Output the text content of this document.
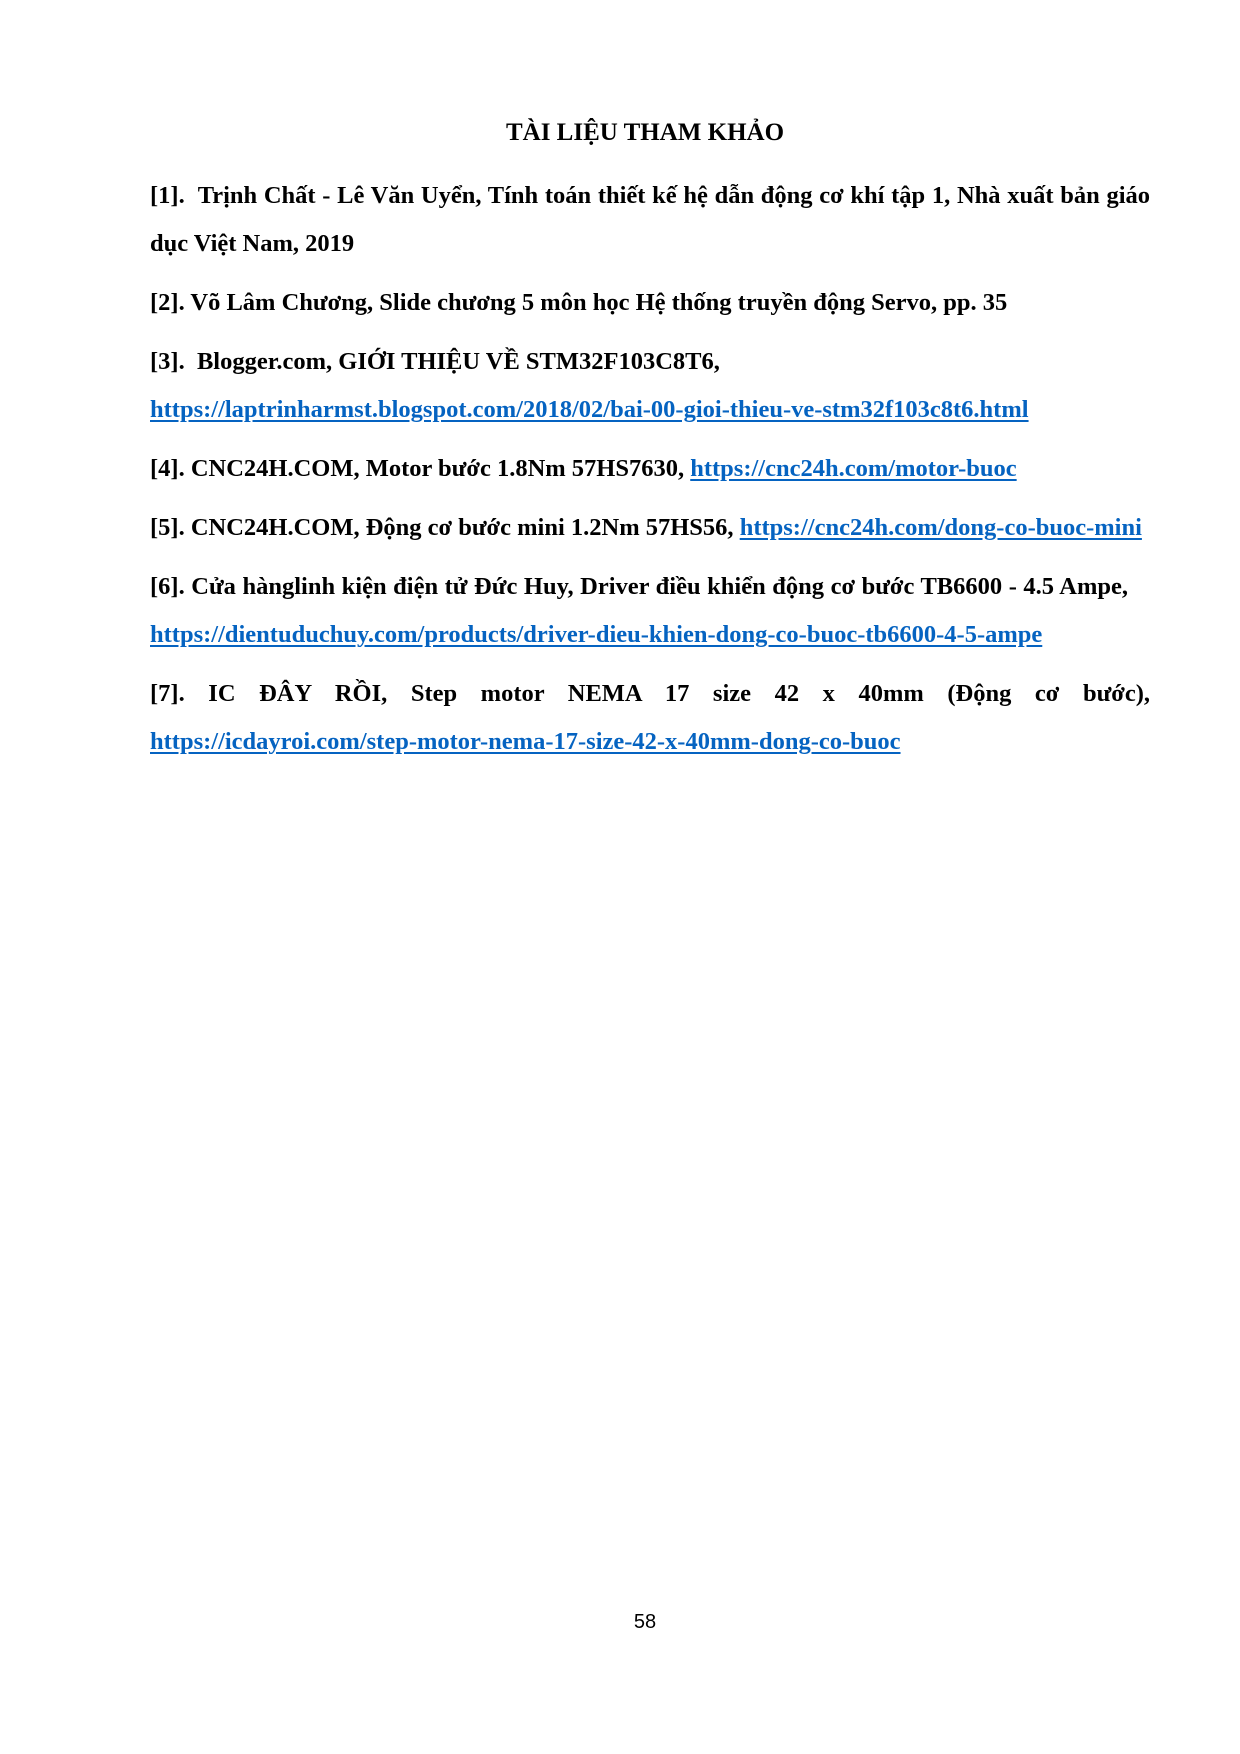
TÀI LIỆU THAM KHẢO

[1]. Trịnh Chất - Lê Văn Uyển, Tính toán thiết kế hệ dẫn động cơ khí tập 1, Nhà xuất bản giáo dục Việt Nam, 2019

[2]. Võ Lâm Chương, Slide chương 5 môn học Hệ thống truyền động Servo, pp. 35

[3]. Blogger.com, GIỚI THIỆU VỀ STM32F103C8T6,
https://laptrinharmst.blogspot.com/2018/02/bai-00-gioi-thieu-ve-stm32f103c8t6.html

[4]. CNC24H.COM, Motor bước 1.8Nm 57HS7630, https://cnc24h.com/motor-buoc

[5]. CNC24H.COM, Động cơ bước mini 1.2Nm 57HS56, https://cnc24h.com/dong-co-buoc-mini

[6]. Cửa hànglinh kiện điện tử Đức Huy, Driver điều khiển động cơ bước TB6600 - 4.5 Ampe, https://dientuduchuy.com/products/driver-dieu-khien-dong-co-buoc-tb6600-4-5-ampe

[7]. IC ĐÂY RỒI, Step motor NEMA 17 size 42 x 40mm (Động cơ bước),
https://icdayroi.com/step-motor-nema-17-size-42-x-40mm-dong-co-buoc

58
